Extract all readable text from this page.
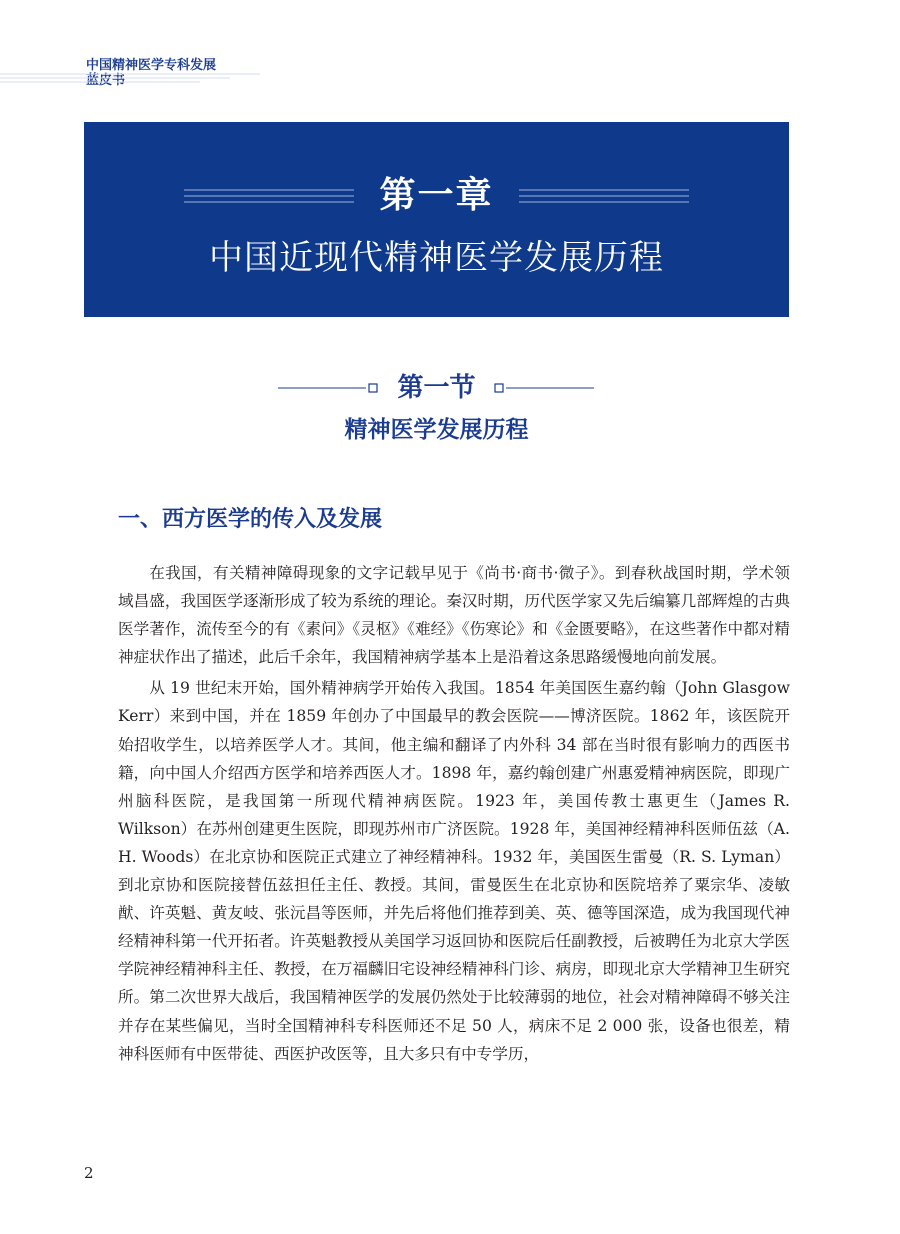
中国精神医学专科发展
蓝皮书
第一章
中国近现代精神医学发展历程
第一节
精神医学发展历程
一、西方医学的传入及发展

在我国，有关精神障碍现象的文字记载早见于《尚书·商书·微子》。到春秋战国时期，学术领域昌盛，我国医学逐渐形成了较为系统的理论。秦汉时期，历代医学家又先后编纂几部辉煌的古典医学著作，流传至今的有《素问》《灵枢》《难经》《伤寒论》和《金匮要略》，在这些著作中都对精神症状作出了描述，此后千余年，我国精神病学基本上是沿着这条思路缓慢地向前发展。

从 19 世纪末开始，国外精神病学开始传入我国。1854 年美国医生嘉约翰（John Glasgow Kerr）来到中国，并在 1859 年创办了中国最早的教会医院——博济医院。1862 年，该医院开始招收学生，以培养医学人才。其间，他主编和翻译了内外科 34 部在当时很有影响力的西医书籍，向中国人介绍西方医学和培养西医人才。1898 年，嘉约翰创建广州惠爱精神病医院，即现广州脑科医院，是我国第一所现代精神病医院。1923 年，美国传教士惠更生（James R. Wilkson）在苏州创建更生医院，即现苏州市广济医院。1928 年，美国神经精神科医师伍兹（A. H. Woods）在北京协和医院正式建立了神经精神科。1932 年，美国医生雷曼（R. S. Lyman）到北京协和医院接替伍兹担任主任、教授。其间，雷曼医生在北京协和医院培养了粟宗华、凌敏猷、许英魁、黄友岐、张沅昌等医师，并先后将他们推荐到美、英、德等国深造，成为我国现代神经精神科第一代开拓者。许英魁教授从美国学习返回协和医院后任副教授，后被聘任为北京大学医学院神经精神科主任、教授，在万福麟旧宅设神经精神科门诊、病房，即现北京大学精神卫生研究所。第二次世界大战后，我国精神医学的发展仍然处于比较薄弱的地位，社会对精神障碍不够关注并存在某些偏见，当时全国精神科专科医师还不足 50 人，病床不足 2 000 张，设备也很差，精神科医师有中医带徒、西医护改医等，且大多只有中专学历，

2
